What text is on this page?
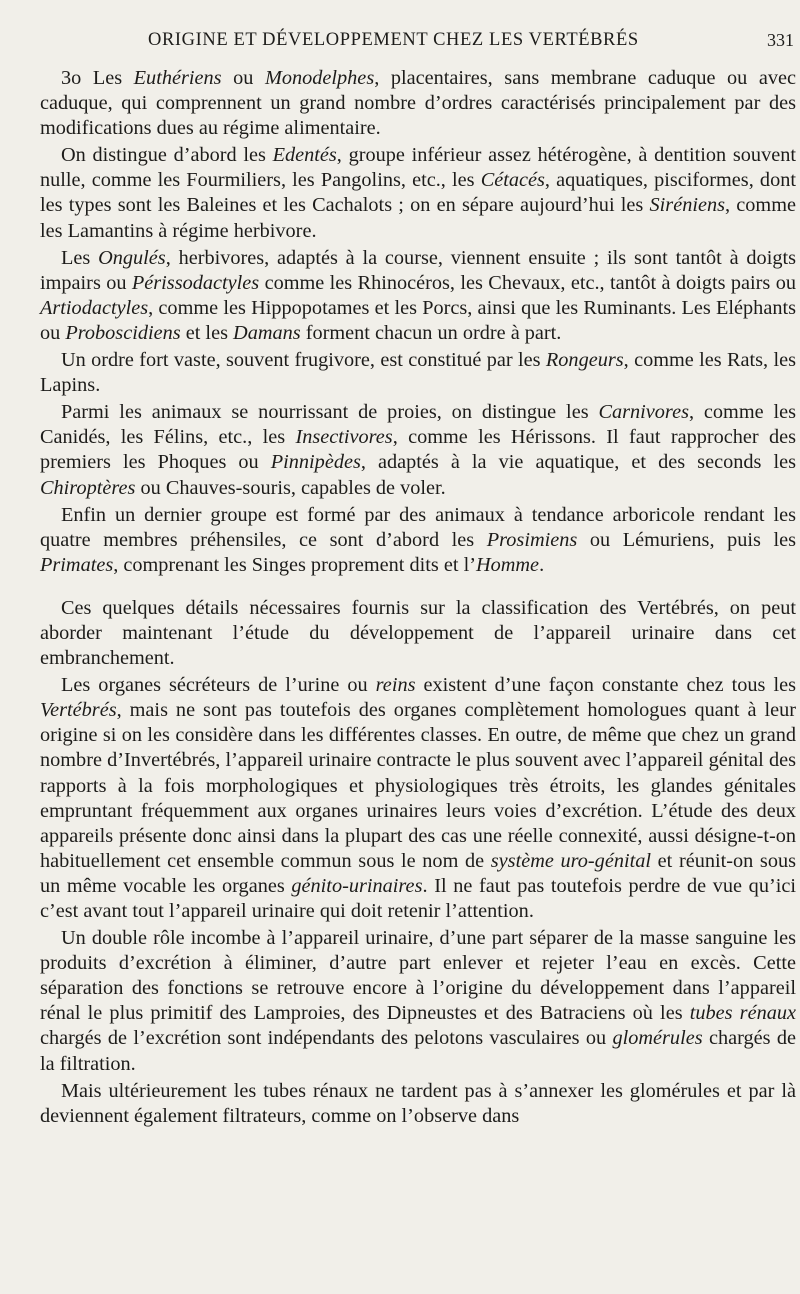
ORIGINE ET DÉVELOPPEMENT CHEZ LES VERTÉBRÉS	331

3o Les Euthériens ou Monodelphes, placentaires, sans membrane caduque ou avec caduque, qui comprennent un grand nombre d’ordres caractérisés principalement par des modifications dues au régime alimentaire.

On distingue d’abord les Edentés, groupe inférieur assez hétérogène, à dentition souvent nulle, comme les Fourmiliers, les Pangolins, etc., les Cétacés, aquatiques, pisciformes, dont les types sont les Baleines et les Cachalots ; on en sépare aujourd’hui les Siréniens, comme les Lamantins à régime herbivore.

Les Ongulés, herbivores, adaptés à la course, viennent ensuite ; ils sont tantôt à doigts impairs ou Périssodactyles comme les Rhinocéros, les Chevaux, etc., tantôt à doigts pairs ou Artiodactyles, comme les Hippopotames et les Porcs, ainsi que les Ruminants. Les Eléphants ou Proboscidiens et les Damans forment chacun un ordre à part.

Un ordre fort vaste, souvent frugivore, est constitué par les Rongeurs, comme les Rats, les Lapins.

Parmi les animaux se nourrissant de proies, on distingue les Carnivores, comme les Canidés, les Félins, etc., les Insectivores, comme les Hérissons. Il faut rapprocher des premiers les Phoques ou Pinnipèdes, adaptés à la vie aquatique, et des seconds les Chiroptères ou Chauves-souris, capables de voler.

Enfin un dernier groupe est formé par des animaux à tendance arboricole rendant les quatre membres préhensiles, ce sont d’abord les Prosimiens ou Lémuriens, puis les Primates, comprenant les Singes proprement dits et l’Homme.

Ces quelques détails nécessaires fournis sur la classification des Vertébrés, on peut aborder maintenant l’étude du développement de l’appareil urinaire dans cet embranchement.

Les organes sécréteurs de l’urine ou reins existent d’une façon constante chez tous les Vertébrés, mais ne sont pas toutefois des organes complètement homologues quant à leur origine si on les considère dans les différentes classes. En outre, de même que chez un grand nombre d’Invertébrés, l’appareil urinaire contracte le plus souvent avec l’appareil génital des rapports à la fois morphologiques et physiologiques très étroits, les glandes génitales empruntant fréquemment aux organes urinaires leurs voies d’excrétion. L’étude des deux appareils présente donc ainsi dans la plupart des cas une réelle connexité, aussi désigne-t-on habituellement cet ensemble commun sous le nom de système uro-génital et réunit-on sous un même vocable les organes génito-urinaires. Il ne faut pas toutefois perdre de vue qu’ici c’est avant tout l’appareil urinaire qui doit retenir l’attention.

Un double rôle incombe à l’appareil urinaire, d’une part séparer de la masse sanguine les produits d’excrétion à éliminer, d’autre part enlever et rejeter l’eau en excès. Cette séparation des fonctions se retrouve encore à l’origine du développement dans l’appareil rénal le plus primitif des Lamproies, des Dipneustes et des Batraciens où les tubes rénaux chargés de l’excrétion sont indépendants des pelotons vasculaires ou glomérules chargés de la filtration.

Mais ultérieurement les tubes rénaux ne tardent pas à s’annexer les glomérules et par là deviennent également filtrateurs, comme on l’observe dans
